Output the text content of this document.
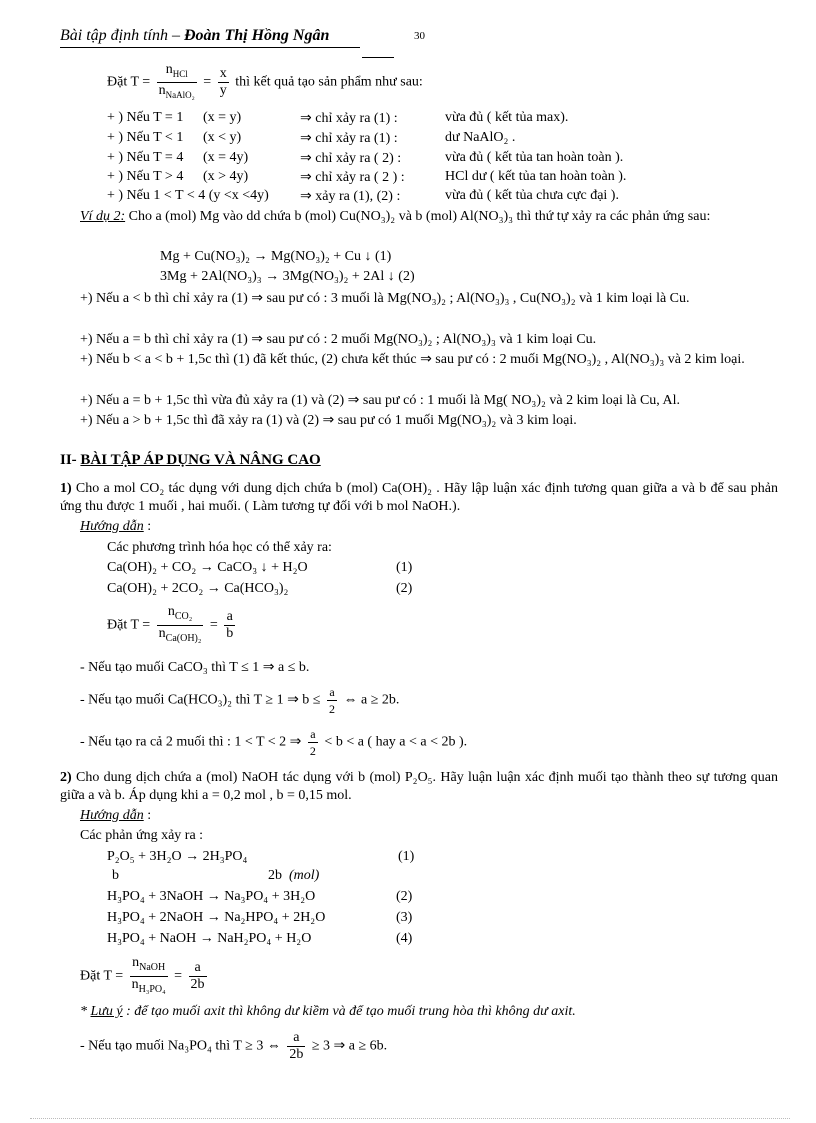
Bài tập định tính – Đoàn Thị Hồng Ngân	30
Đặt $T = \frac{n_{HCl}}{n_{NaAlO_2}} = \frac{x}{y}$ thì kết quả tạo sản phẩm như sau:
+ ) Nếu T = 1 (x = y)	⇒ chỉ xảy ra (1) :	vừa đủ ( kết tủa max).
+ ) Nếu T < 1 (x < y)	⇒ chỉ xảy ra (1) :	dư NaAlO₂ .
+ ) Nếu T = 4 (x = 4y)	⇒ chỉ xảy ra ( 2) :	vừa đủ ( kết tủa tan hoàn toàn ).
+ ) Nếu T > 4 (x > 4y)	⇒ chỉ xảy ra ( 2 ) :	HCl dư ( kết tủa tan hoàn toàn ).
+ ) Nếu 1 < T < 4 (y <x <4y) ⇒ xảy ra (1), (2) :	vừa đủ ( kết tủa chưa cực đại ).
Ví dụ 2: Cho a (mol) Mg vào dd chứa b (mol) Cu(NO₃)₂ và b (mol) Al(NO₃)₃ thì thứ tự xảy ra các phản ứng sau:
Mg + Cu(NO₃)₂ → Mg(NO₃)₂ + Cu ↓ (1)
3Mg + 2Al(NO₃)₃ → 3Mg(NO₃)₂ + 2Al ↓ (2)
+) Nếu a < b thì chỉ xảy ra (1) ⇒ sau pư có : 3 muối là Mg(NO₃)₂ ; Al(NO₃)₃ , Cu(NO₃)₂ và 1 kim loại là Cu.
+) Nếu a = b thì chỉ xảy ra (1) ⇒ sau pư có : 2 muối Mg(NO₃)₂ ; Al(NO₃)₃ và 1 kim loại Cu.
+) Nếu b < a < b + 1,5c thì (1) đã kết thúc, (2) chưa kết thúc ⇒ sau pư có : 2 muối Mg(NO₃)₂ , Al(NO₃)₃ và 2 kim loại.
+) Nếu a = b + 1,5c thì vừa đủ xảy ra (1) và (2) ⇒ sau pư có : 1 muối là Mg( NO₃)₂ và 2 kim loại là Cu, Al.
+) Nếu a > b + 1,5c thì đã xảy ra (1) và (2) ⇒ sau pư có 1 muối Mg(NO₃)₂ và 3 kim loại.
II- BÀI TẬP ÁP DỤNG VÀ NÂNG CAO
1) Cho a mol CO₂ tác dụng với dung dịch chứa b (mol) Ca(OH)₂ . Hãy lập luận xác định tương quan giữa a và b để sau phản ứng thu được 1 muối , hai muối. ( Làm tương tự đối với b mol NaOH.).
Hướng dẫn :
Các phương trình hóa học có thể xảy ra:
Ca(OH)₂ + CO₂ → CaCO₃ ↓ + H₂O	(1)
Ca(OH)₂ + 2CO₂ → Ca(HCO₃)₂	(2)
Đặt $T = \frac{n_{CO_2}}{n_{Ca(OH)_2}} = \frac{a}{b}$
- Nếu tạo muối CaCO₃ thì T ≤ 1 ⇒ a ≤ b.
- Nếu tạo muối Ca(HCO₃)₂ thì T ≥ 1 ⇒ $b \le \frac{a}{2}$ ⇔ a ≥ 2b.
- Nếu tạo ra cả 2 muối thì : 1 < T < 2 ⇒ $\frac{a}{2} < b < a$ ( hay a < a < 2b ).
2) Cho dung dịch chứa a (mol) NaOH tác dụng với b (mol) P₂O₅. Hãy luận luận xác định muối tạo thành theo sự tương quan giữa a và b. Áp dụng khi a = 0,2 mol , b = 0,15 mol.
Hướng dẫn :
Các phản ứng xảy ra :
P₂O₅ + 3H₂O → 2H₃PO₄	(1)
b	2b (mol)
H₃PO₄ + 3NaOH → Na₃PO₄ + 3H₂O	(2)
H₃PO₄ + 2NaOH → Na₂HPO₄ + 2H₂O	(3)
H₃PO₄ + NaOH → NaH₂PO₄ + H₂O	(4)
Đặt $T = \frac{n_{NaOH}}{n_{H_3PO_4}} = \frac{a}{2b}$
* Lưu ý : để tạo muối axit thì không dư kiềm và để tạo muối trung hòa thì không dư axit.
- Nếu tạo muối Na₃PO₄ thì T ≥ 3 ⇔ $\frac{a}{2b} \ge 3$ ⇒ a ≥ 6b.
